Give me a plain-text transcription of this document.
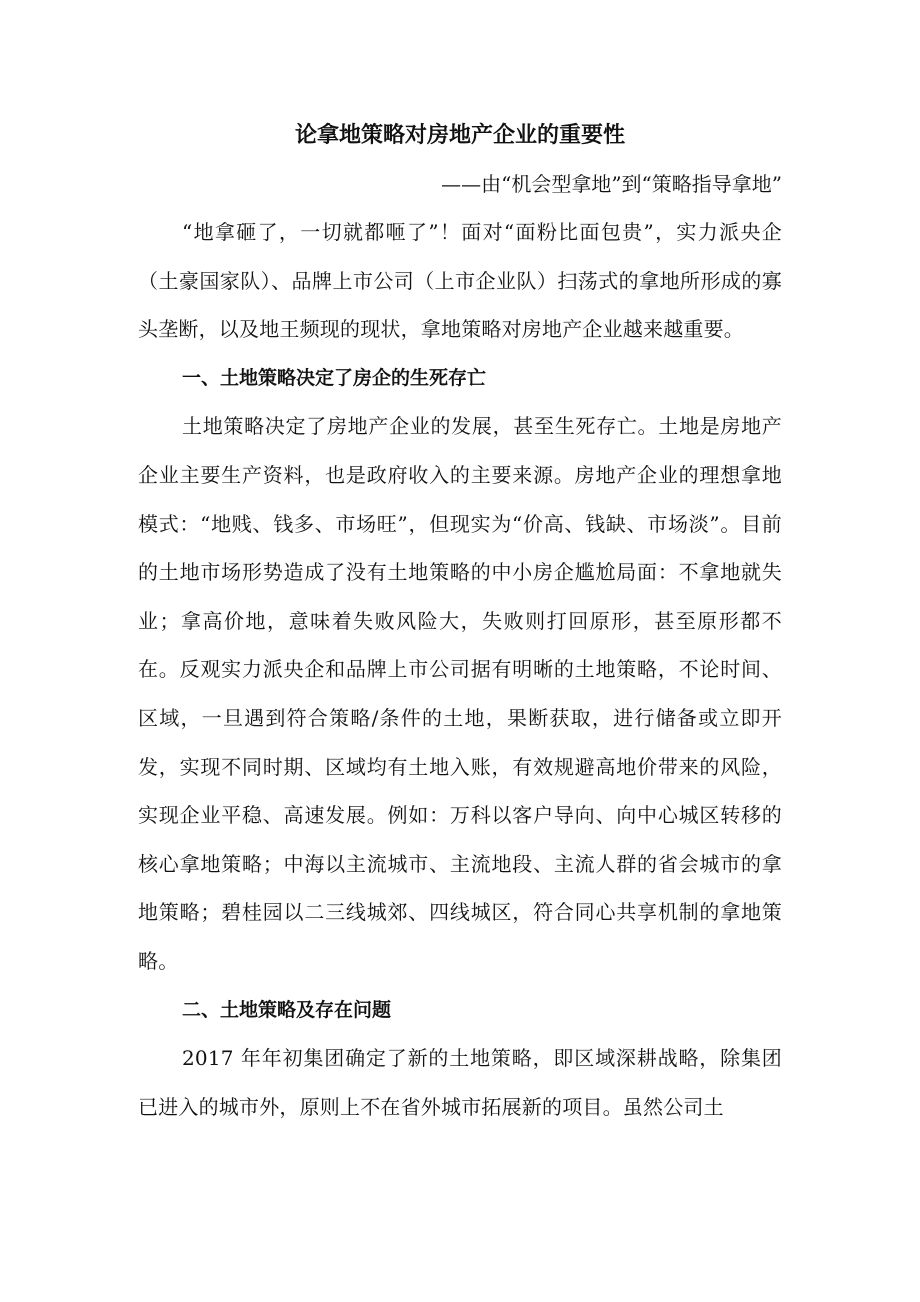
论拿地策略对房地产企业的重要性

——由“机会型拿地”到“策略指导拿地”

“地拿砸了，一切就都咂了”！面对“面粉比面包贵”，实力派央企（土豪国家队）、品牌上市公司（上市企业队）扫荡式的拿地所形成的寡头垄断，以及地王频现的现状，拿地策略对房地产企业越来越重要。

一、土地策略决定了房企的生死存亡

土地策略决定了房地产企业的发展，甚至生死存亡。土地是房地产企业主要生产资料，也是政府收入的主要来源。房地产企业的理想拿地模式：“地贱、钱多、市场旺”，但现实为“价高、钱缺、市场淡”。目前的土地市场形势造成了没有土地策略的中小房企尴尬局面：不拿地就失业；拿高价地，意味着失败风险大，失败则打回原形，甚至原形都不在。反观实力派央企和品牌上市公司据有明晰的土地策略，不论时间、区域，一旦遇到符合策略/条件的土地，果断获取，进行储备或立即开发，实现不同时期、区域均有土地入账，有效规避高地价带来的风险，实现企业平稳、高速发展。例如：万科以客户导向、向中心城区转移的核心拿地策略；中海以主流城市、主流地段、主流人群的省会城市的拿地策略；碧桂园以二三线城郊、四线城区，符合同心共享机制的拿地策略。

二、土地策略及存在问题

2017 年年初集团确定了新的土地策略，即区域深耕战略，除集团已进入的城市外，原则上不在省外城市拓展新的项目。虽然公司土
